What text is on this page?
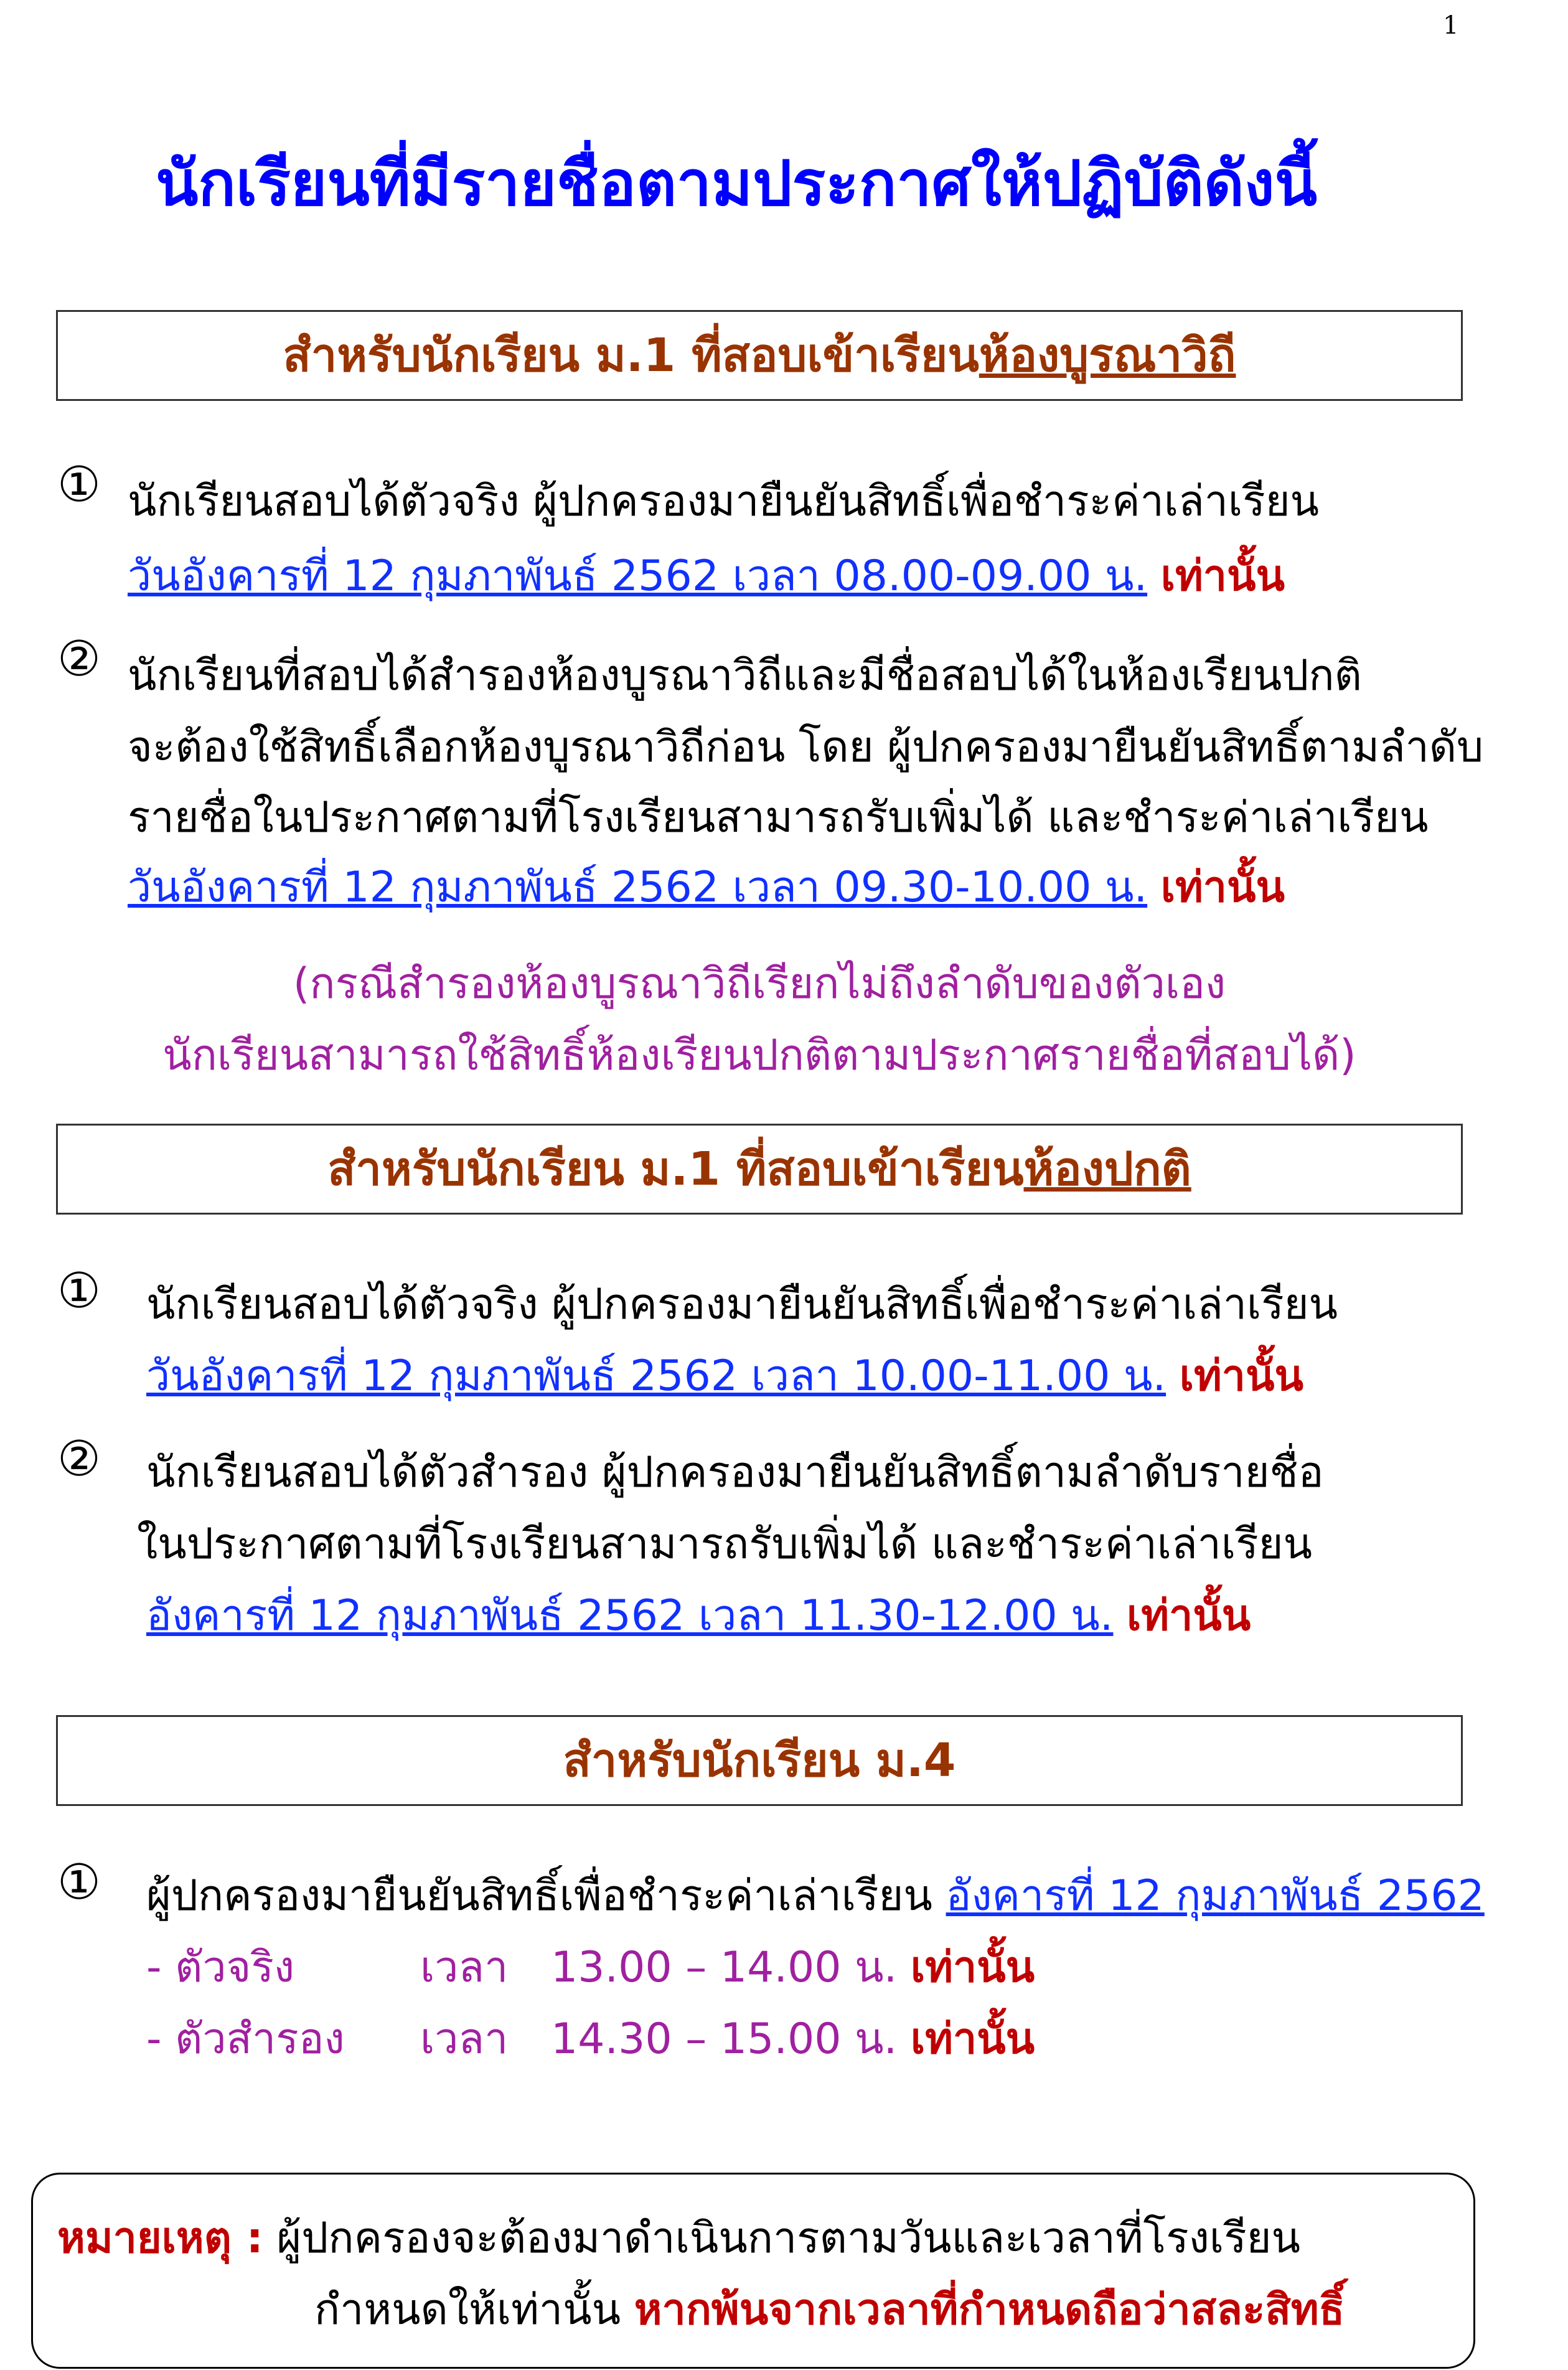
1
นักเรียนที่มีรายชื่อตามประกาศให้ปฏิบัติดังนี้
สำหรับนักเรียน ม.1 ที่สอบเข้าเรียนห้องบูรณาวิถี
① นักเรียนสอบได้ตัวจริง ผู้ปกครองมายืนยันสิทธิ์เพื่อชำระค่าเล่าเรียน
วันอังคารที่ 12 กุมภาพันธ์ 2562 เวลา 08.00-09.00 น. เท่านั้น
② นักเรียนที่สอบได้สำรองห้องบูรณาวิถีและมีชื่อสอบได้ในห้องเรียนปกติ
จะต้องใช้สิทธิ์เลือกห้องบูรณาวิถีก่อน โดย ผู้ปกครองมายืนยันสิทธิ์ตามลำดับ
รายชื่อในประกาศตามที่โรงเรียนสามารถรับเพิ่มได้ และชำระค่าเล่าเรียน
วันอังคารที่ 12 กุมภาพันธ์ 2562 เวลา 09.30-10.00 น. เท่านั้น
(กรณีสำรองห้องบูรณาวิถีเรียกไม่ถึงลำดับของตัวเอง
นักเรียนสามารถใช้สิทธิ์ห้องเรียนปกติตามประกาศรายชื่อที่สอบได้)
สำหรับนักเรียน ม.1 ที่สอบเข้าเรียนห้องปกติ
① นักเรียนสอบได้ตัวจริง ผู้ปกครองมายืนยันสิทธิ์เพื่อชำระค่าเล่าเรียน
วันอังคารที่ 12 กุมภาพันธ์ 2562 เวลา 10.00-11.00 น. เท่านั้น
② นักเรียนสอบได้ตัวสำรอง ผู้ปกครองมายืนยันสิทธิ์ตามลำดับรายชื่อ
ในประกาศตามที่โรงเรียนสามารถรับเพิ่มได้ และชำระค่าเล่าเรียน
อังคารที่ 12 กุมภาพันธ์ 2562 เวลา 11.30-12.00 น. เท่านั้น
สำหรับนักเรียน ม.4
① ผู้ปกครองมายืนยันสิทธิ์เพื่อชำระค่าเล่าเรียน อังคารที่ 12 กุมภาพันธ์ 2562
- ตัวจริง	เวลา 13.00 – 14.00 น. เท่านั้น
- ตัวสำรอง เวลา 14.30 – 15.00 น. เท่านั้น
หมายเหตุ : ผู้ปกครองจะต้องมาดำเนินการตามวันและเวลาที่โรงเรียน
กำหนดให้เท่านั้น หากพ้นจากเวลาที่กำหนดถือว่าสละสิทธิ์
